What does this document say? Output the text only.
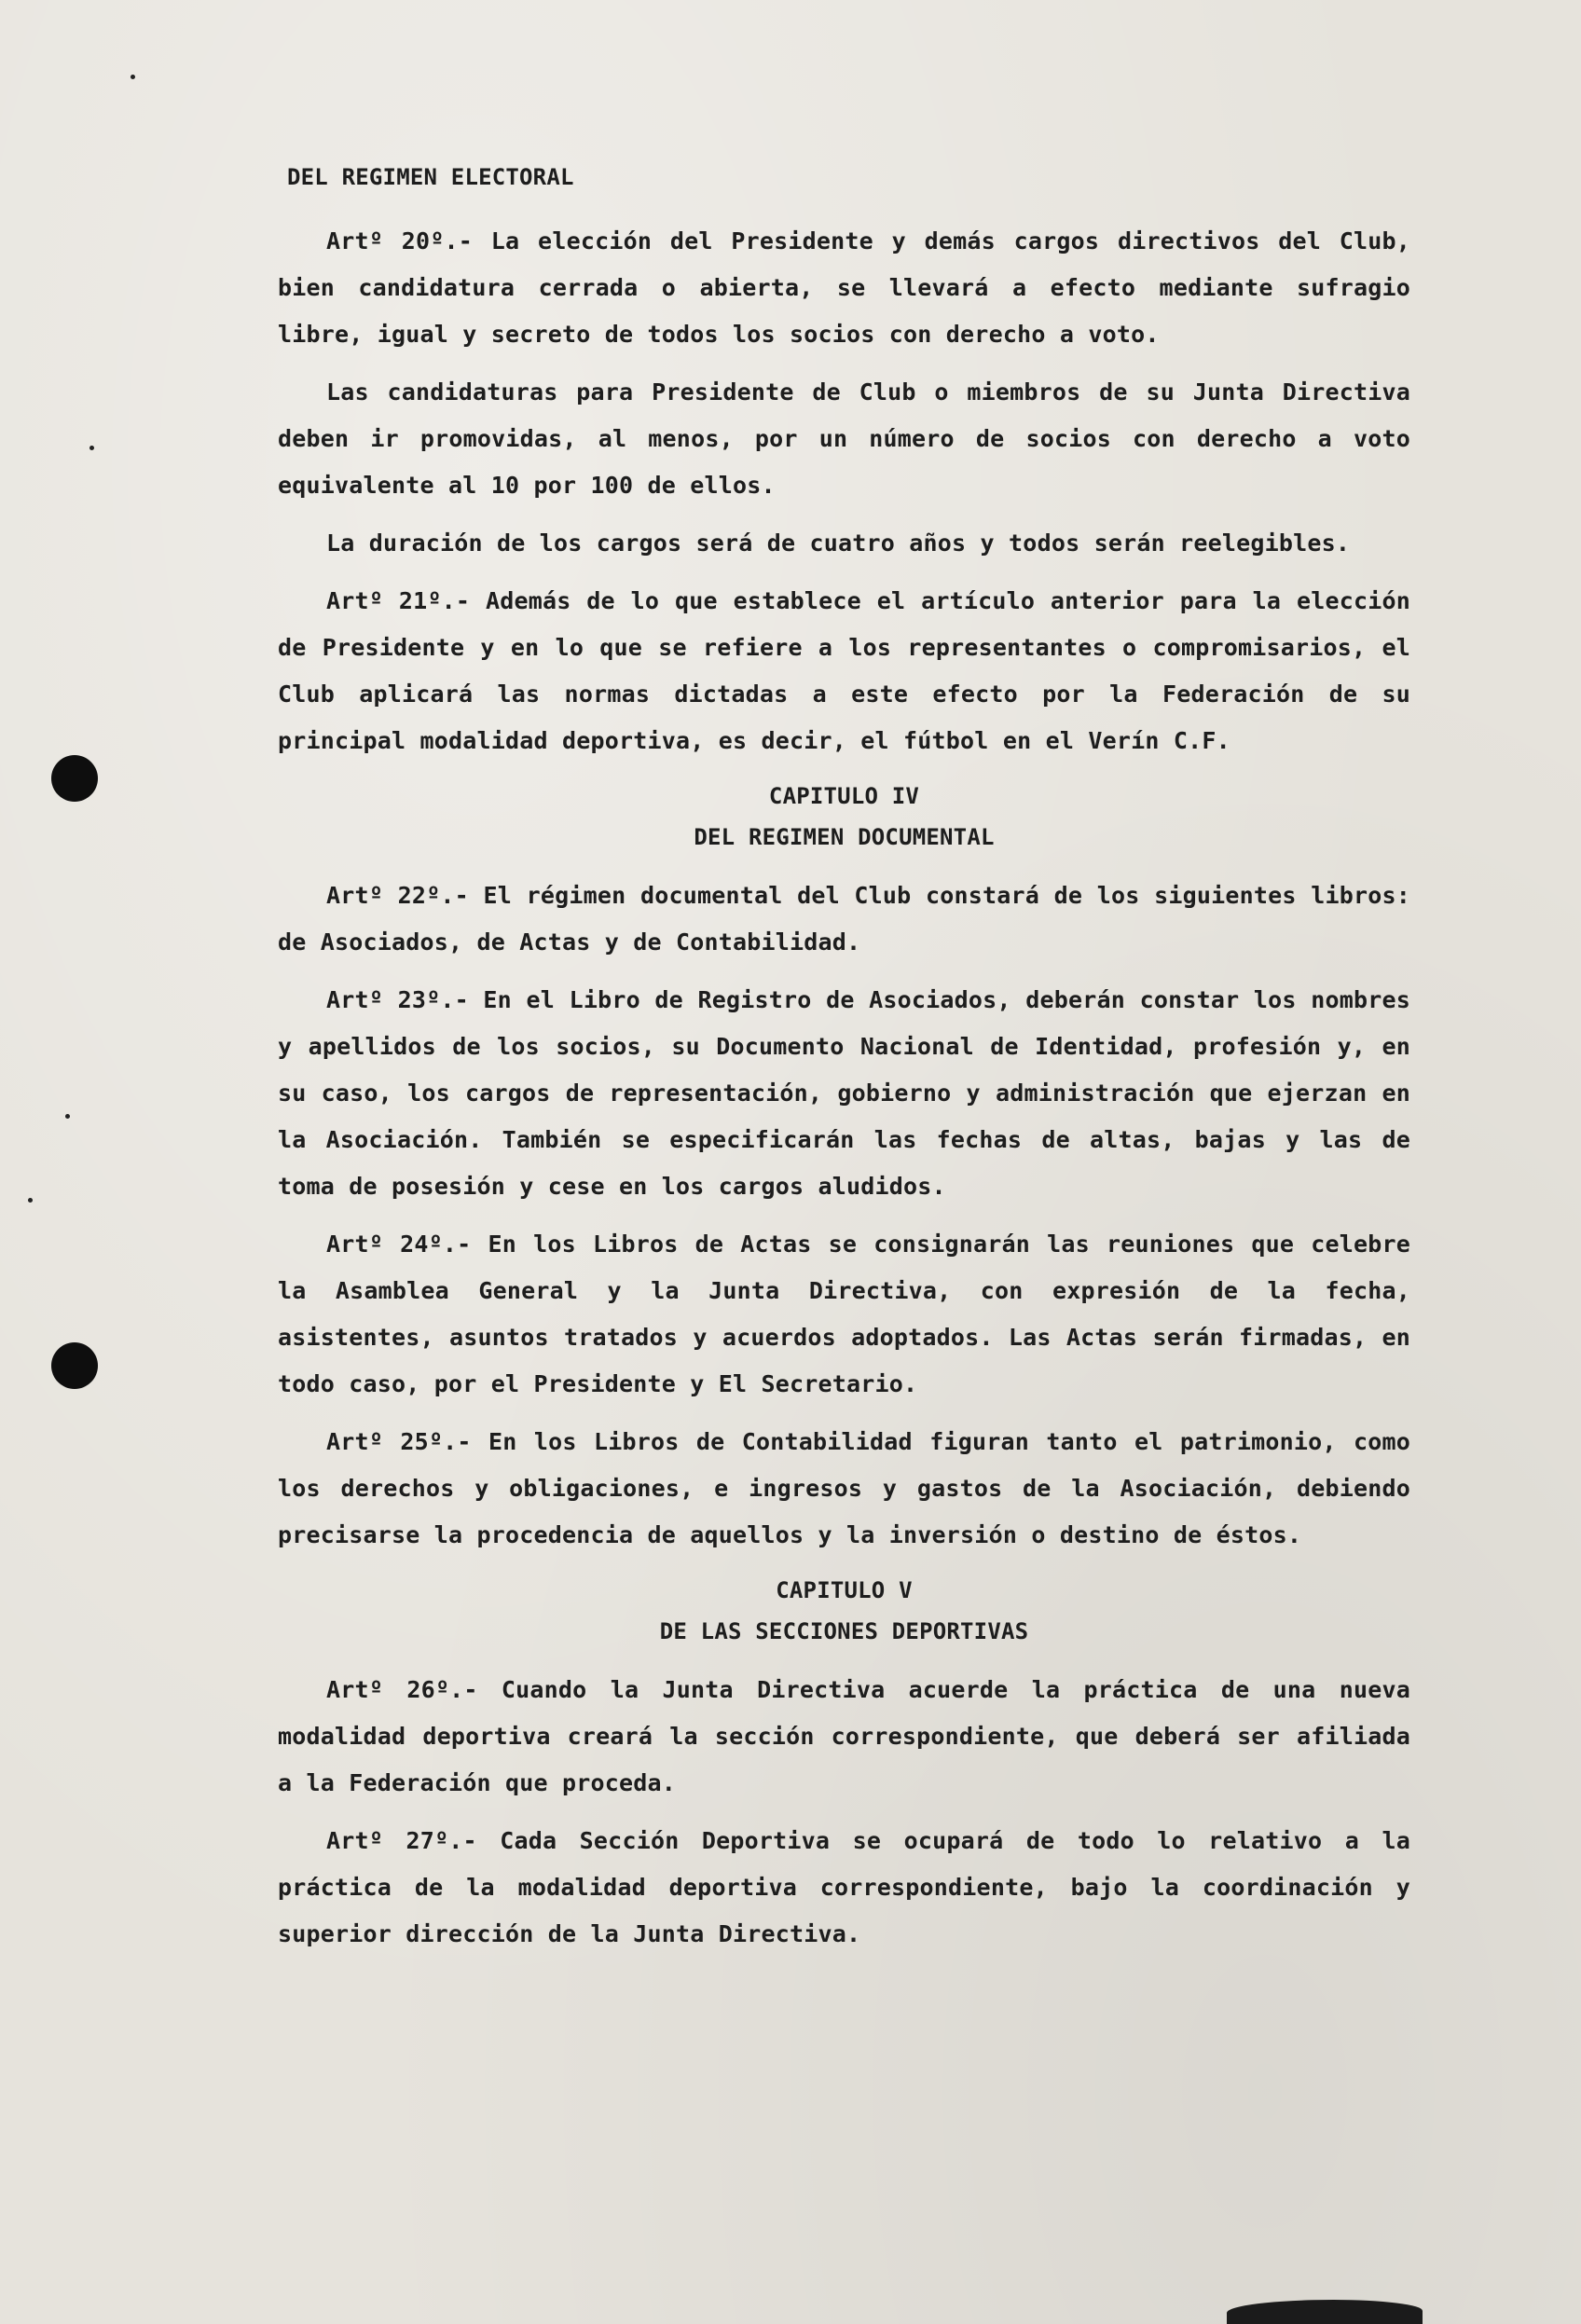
DEL REGIMEN ELECTORAL

Artº 20º.- La elección del Presidente y demás cargos directivos del Club, bien candidatura cerrada o abierta, se llevará a efecto mediante sufragio libre, igual y secreto de todos los socios con derecho a voto.

Las candidaturas para Presidente de Club o miembros de su Junta Directiva deben ir promovidas, al menos, por un número de socios con derecho a voto equivalente al 10 por 100 de ellos.

La duración de los cargos será de cuatro años y todos serán reelegibles.

Artº 21º.- Además de lo que establece el artículo anterior para la elección de Presidente y en lo que se refiere a los representantes o compromisarios, el Club aplicará las normas dictadas a este efecto por la Federación de su principal modalidad deportiva, es decir, el fútbol en el Verín C.F.

CAPITULO IV

DEL REGIMEN DOCUMENTAL

Artº 22º.- El régimen documental del Club constará de los siguientes libros: de Asociados, de Actas y de Contabilidad.

Artº 23º.- En el Libro de Registro de Asociados, deberán constar los nombres y apellidos de los socios, su Documento Nacional de Identidad, profesión y, en su caso, los cargos de representación, gobierno y administración que ejerzan en la Asociación. También se especificarán las fechas de altas, bajas y las de toma de posesión y cese en los cargos aludidos.

Artº 24º.- En los Libros de Actas se consignarán las reuniones que celebre la Asamblea General y la Junta Directiva, con expresión de la fecha, asistentes, asuntos tratados y acuerdos adoptados. Las Actas serán firmadas, en todo caso, por el Presidente y El Secretario.

Artº 25º.- En los Libros de Contabilidad figuran tanto el patrimonio, como los derechos y obligaciones, e ingresos y gastos de la Asociación, debiendo precisarse la procedencia de aquellos y la inversión o destino de éstos.

CAPITULO V

DE LAS SECCIONES DEPORTIVAS

Artº 26º.- Cuando la Junta Directiva acuerde la práctica de una nueva modalidad deportiva creará la sección correspondiente, que deberá ser afiliada a la Federación que proceda.

Artº 27º.- Cada Sección Deportiva se ocupará de todo lo relativo a la práctica de la modalidad deportiva correspondiente, bajo la coordinación y superior dirección de la Junta Directiva.
